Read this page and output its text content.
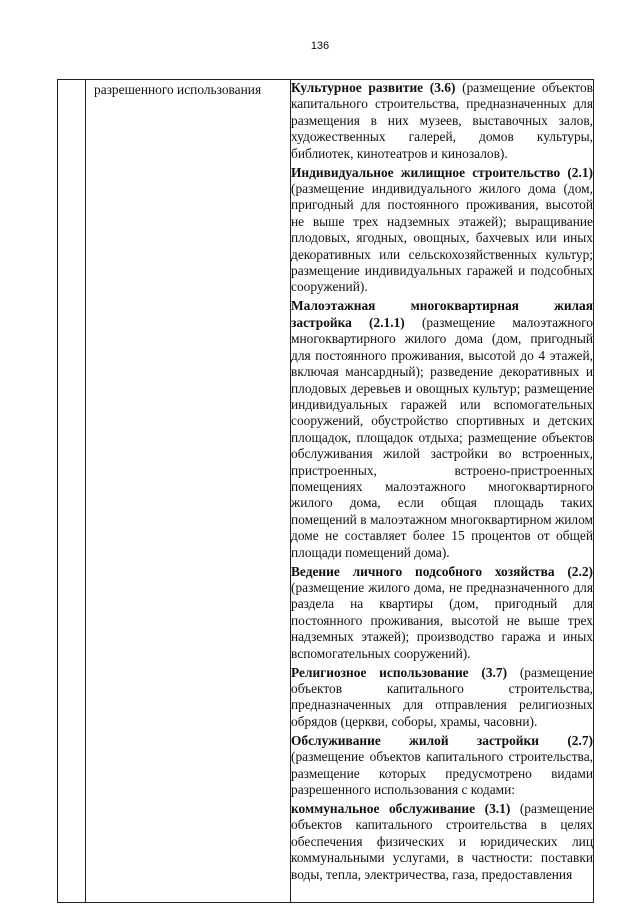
136

разрешенного использования	Культурное развитие (3.6) (размещение объектов капитального строительства, предназначенных для размещения в них музеев, выставочных залов, художественных галерей, домов культуры, библиотек, кинотеатров и кинозалов).

Индивидуальное жилищное строительство (2.1) (размещение индивидуального жилого дома (дом, пригодный для постоянного проживания, высотой не выше трех надземных этажей); выращивание плодовых, ягодных, овощных, бахчевых или иных декоративных или сельскохозяйственных культур; размещение индивидуальных гаражей и подсобных сооружений).

Малоэтажная многоквартирная жилая застройка (2.1.1) (размещение малоэтажного многоквартирного жилого дома (дом, пригодный для постоянного проживания, высотой до 4 этажей, включая мансардный); разведение декоративных и плодовых деревьев и овощных культур; размещение индивидуальных гаражей или вспомогательных сооружений, обустройство спортивных и детских площадок, площадок отдыха; размещение объектов обслуживания жилой застройки во встроенных, пристроенных, встроено-пристроенных помещениях малоэтажного многоквартирного жилого дома, если общая площадь таких помещений в малоэтажном многоквартирном жилом доме не составляет более 15 процентов от общей площади помещений дома).

Ведение личного подсобного хозяйства (2.2) (размещение жилого дома, не предназначенного для раздела на квартиры (дом, пригодный для постоянного проживания, высотой не выше трех надземных этажей); производство гаража и иных вспомогательных сооружений).

Религиозное использование (3.7) (размещение объектов капитального строительства, предназначенных для отправления религиозных обрядов (церкви, соборы, храмы, часовни).

Обслуживание жилой застройки (2.7) (размещение объектов капитального строительства, размещение которых предусмотрено видами разрешенного использования с кодами:

коммунальное обслуживание (3.1) (размещение объектов капитального строительства в целях обеспечения физических и юридических лиц коммунальными услугами, в частности: поставки воды, тепла, электричества, газа, предоставления
